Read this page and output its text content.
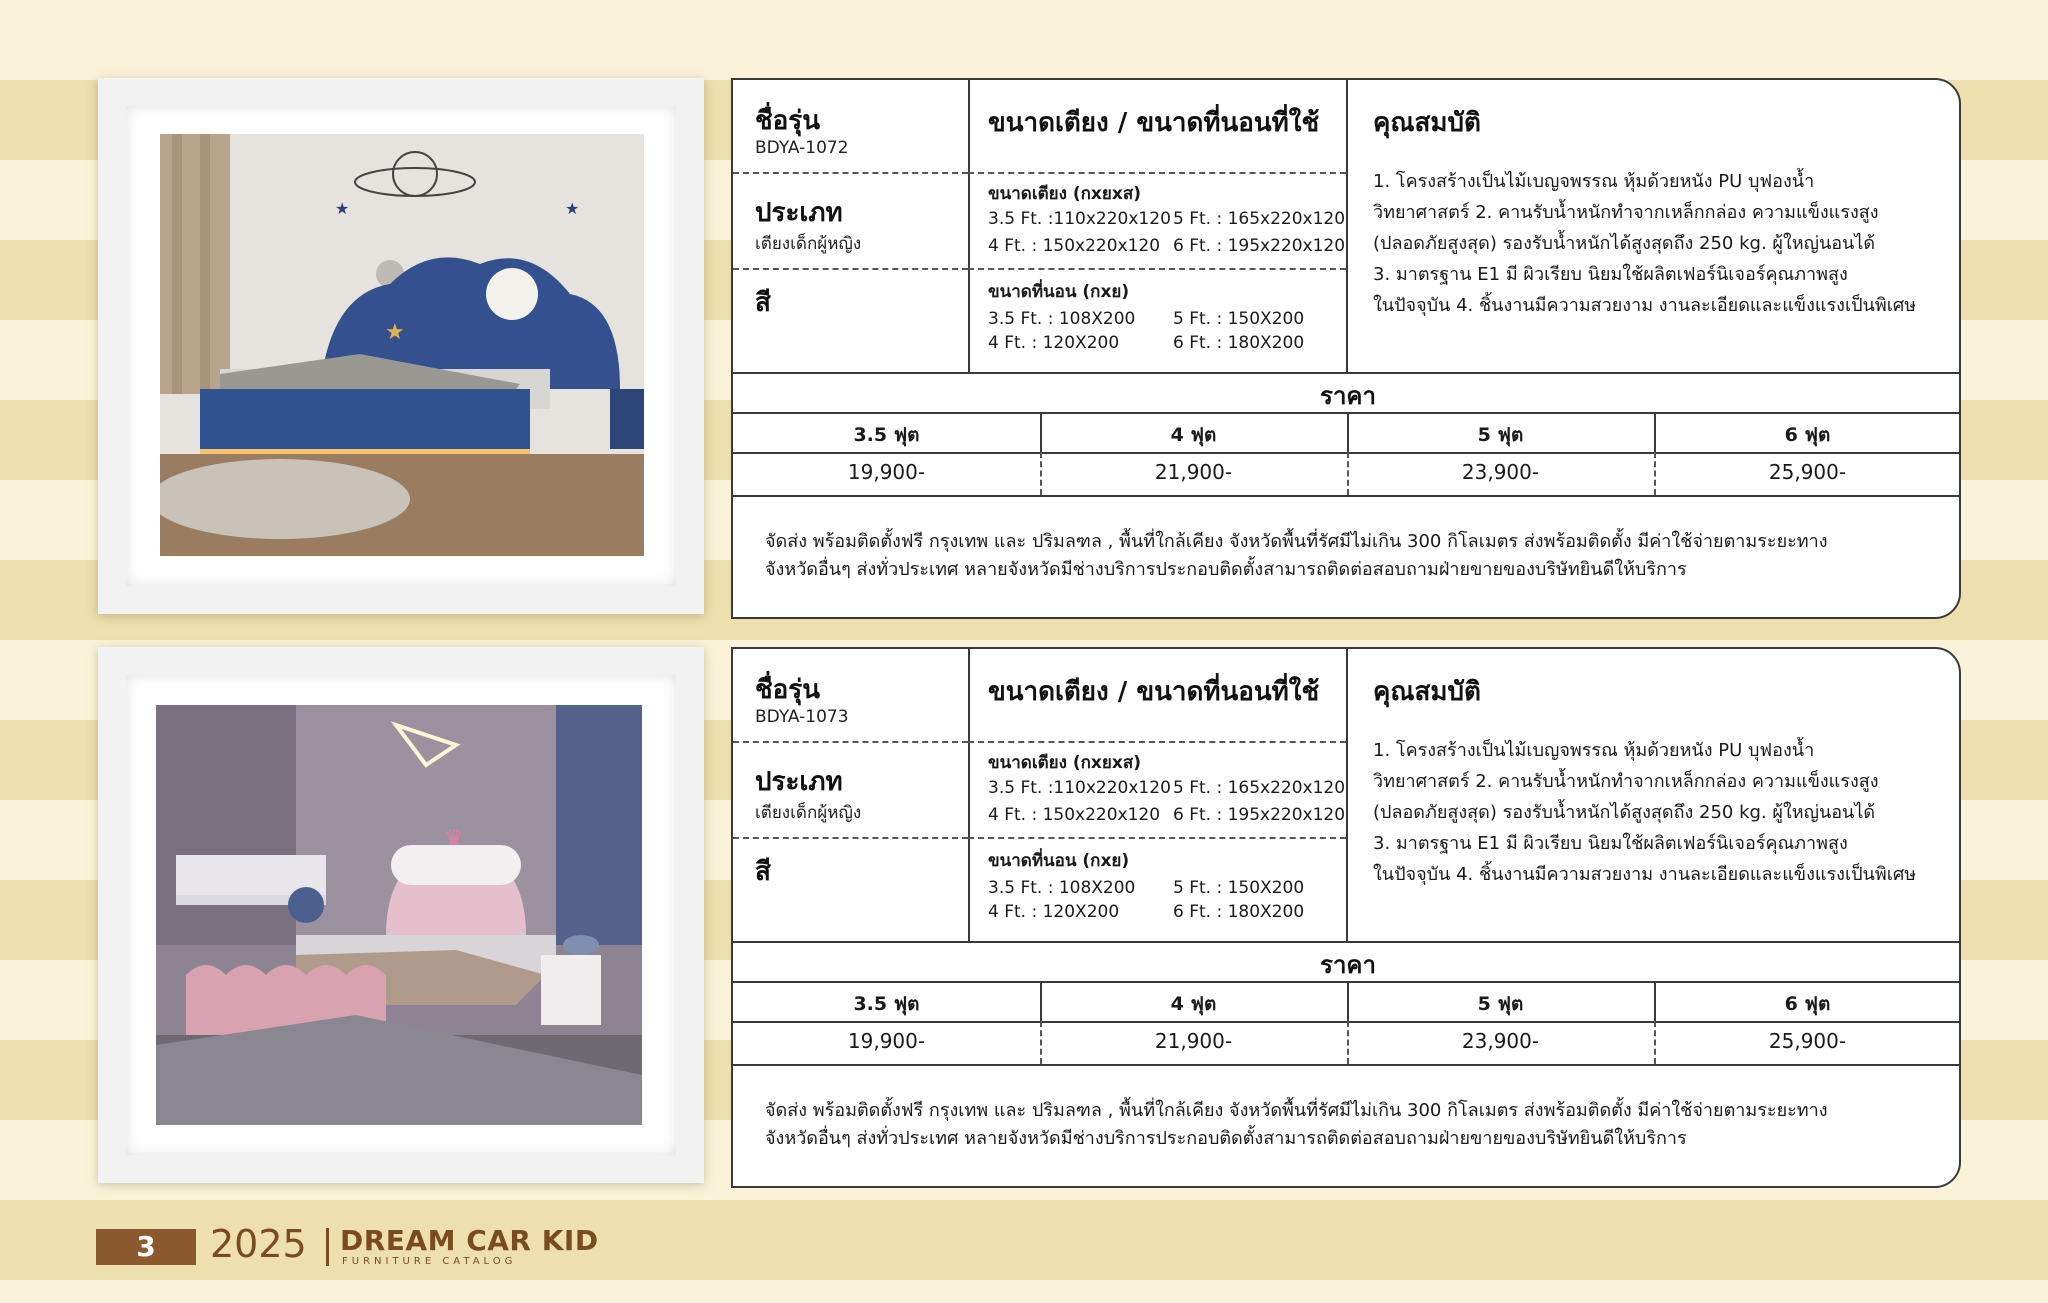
★	★
★
ชื่อรุ่น
BDYA-1072
ประเภท
เตียงเด็กผู้หญิง
สี
ขนาดเตียง / ขนาดที่นอนที่ใช้
ขนาดเตียง (กxยxส)
3.5 Ft. :110x220x120 5 Ft. : 165x220x120
4 Ft. : 150x220x120 6 Ft. : 195x220x120
ขนาดที่นอน (กxย)
3.5 Ft. : 108X200 5 Ft. : 150X200
4 Ft. : 120X200	6 Ft. : 180X200
คุณสมบัติ
1. โครงสร้างเป็นไม้เบญจพรรณ หุ้มด้วยหนัง PU บุฟองน้ำ
วิทยาศาสตร์ 2. คานรับน้ำหนักทำจากเหล็กกล่อง ความแข็งแรงสูง
(ปลอดภัยสูงสุด) รองรับน้ำหนักได้สูงสุดถึง 250 kg. ผู้ใหญ่นอนได้
3. มาตรฐาน E1 มี ผิวเรียบ นิยมใช้ผลิตเฟอร์นิเจอร์คุณภาพสูง
ในปัจจุบัน 4. ชิ้นงานมีความสวยงาม งานละเอียดและแข็งแรงเป็นพิเศษ
ราคา
3.5 ฟุต	4 ฟุต	5 ฟุต	6 ฟุต
19,900-	21,900-	23,900-	25,900-
จัดส่ง พร้อมติดตั้งฟรี กรุงเทพ และ ปริมลฑล , พื้นที่ใกล้เคียง จังหวัดพื้นที่รัศมีไม่เกิน 300 กิโลเมตร ส่งพร้อมติดตั้ง มีค่าใช้จ่ายตามระยะทาง
จังหวัดอื่นๆ ส่งทั่วประเทศ หลายจังหวัดมีช่างบริการประกอบติดตั้งสามารถติดต่อสอบถามฝ่ายขายของบริษัทยินดีให้บริการ
♛
ชื่อรุ่น
BDYA-1073
ประเภท
เตียงเด็กผู้หญิง
สี
ขนาดเตียง / ขนาดที่นอนที่ใช้
ขนาดเตียง (กxยxส)
3.5 Ft. :110x220x120 5 Ft. : 165x220x120
4 Ft. : 150x220x120 6 Ft. : 195x220x120
ขนาดที่นอน (กxย)
3.5 Ft. : 108X200 5 Ft. : 150X200
4 Ft. : 120X200	6 Ft. : 180X200
คุณสมบัติ
1. โครงสร้างเป็นไม้เบญจพรรณ หุ้มด้วยหนัง PU บุฟองน้ำ
วิทยาศาสตร์ 2. คานรับน้ำหนักทำจากเหล็กกล่อง ความแข็งแรงสูง
(ปลอดภัยสูงสุด) รองรับน้ำหนักได้สูงสุดถึง 250 kg. ผู้ใหญ่นอนได้
3. มาตรฐาน E1 มี ผิวเรียบ นิยมใช้ผลิตเฟอร์นิเจอร์คุณภาพสูง
ในปัจจุบัน 4. ชิ้นงานมีความสวยงาม งานละเอียดและแข็งแรงเป็นพิเศษ
ราคา
3.5 ฟุต	4 ฟุต	5 ฟุต	6 ฟุต
19,900-	21,900-	23,900-	25,900-
จัดส่ง พร้อมติดตั้งฟรี กรุงเทพ และ ปริมลฑล , พื้นที่ใกล้เคียง จังหวัดพื้นที่รัศมีไม่เกิน 300 กิโลเมตร ส่งพร้อมติดตั้ง มีค่าใช้จ่ายตามระยะทาง
จังหวัดอื่นๆ ส่งทั่วประเทศ หลายจังหวัดมีช่างบริการประกอบติดตั้งสามารถติดต่อสอบถามฝ่ายขายของบริษัทยินดีให้บริการ
3	2025 DREAM CAR KID
FURNITURE CATALOG
